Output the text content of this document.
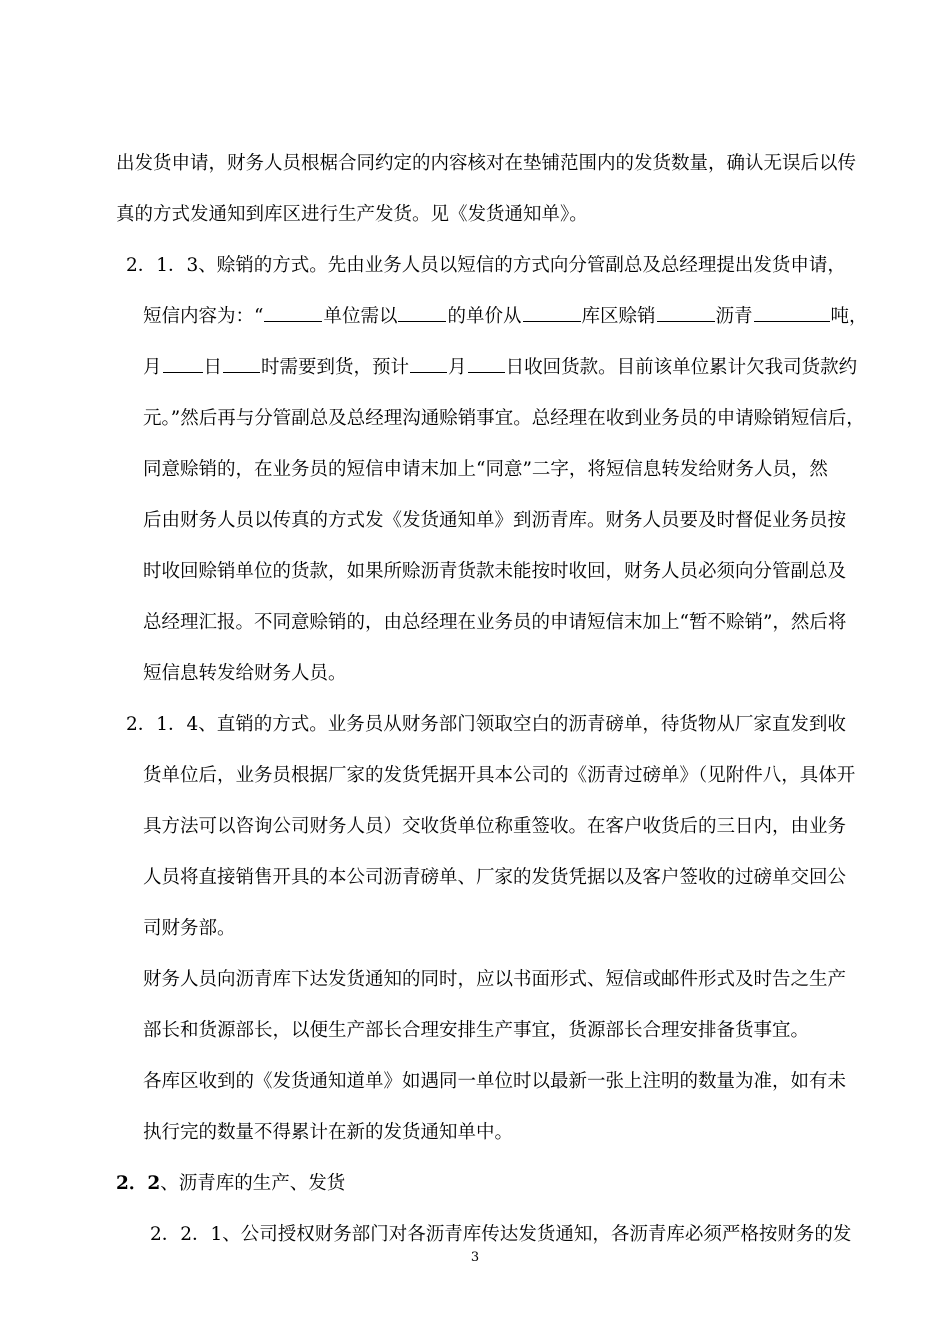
出发货申请，财务人员根椐合同约定的内容核对在垫铺范围内的发货数量，确认无误后以传
真的方式发通知到库区进行生产发货。见《发货通知单》。
2．1．3、赊销的方式。先由业务人员以短信的方式向分管副总及总经理提出发货申请，
短信内容为：“	单位需以	的单价从	库区赊销	沥青	吨，
月 日 时需要到货，预计 月 日收回货款。目前该单位累计欠我司货款约
元。”然后再与分管副总及总经理沟通赊销事宜。总经理在收到业务员的申请赊销短信后，
同意赊销的，在业务员的短信申请末加上“同意”二字，将短信息转发给财务人员，然
后由财务人员以传真的方式发《发货通知单》到沥青库。财务人员要及时督促业务员按
时收回赊销单位的货款，如果所赊沥青货款未能按时收回，财务人员必须向分管副总及
总经理汇报。不同意赊销的，由总经理在业务员的申请短信末加上“暂不赊销”，然后将
短信息转发给财务人员。
2．1．4、直销的方式。业务员从财务部门领取空白的沥青磅单，待货物从厂家直发到收
货单位后，业务员根据厂家的发货凭据开具本公司的《沥青过磅单》（见附件八，具体开
具方法可以咨询公司财务人员）交收货单位称重签收。在客户收货后的三日内，由业务
人员将直接销售开具的本公司沥青磅单、厂家的发货凭据以及客户签收的过磅单交回公
司财务部。
财务人员向沥青库下达发货通知的同时，应以书面形式、短信或邮件形式及时告之生产
部长和货源部长，以便生产部长合理安排生产事宜，货源部长合理安排备货事宜。
各库区收到的《发货通知道单》如遇同一单位时以最新一张上注明的数量为准，如有未
执行完的数量不得累计在新的发货通知单中。
2．2、沥青库的生产、发货
2．2．1、公司授权财务部门对各沥青库传达发货通知，各沥青库必须严格按财务的发
3
